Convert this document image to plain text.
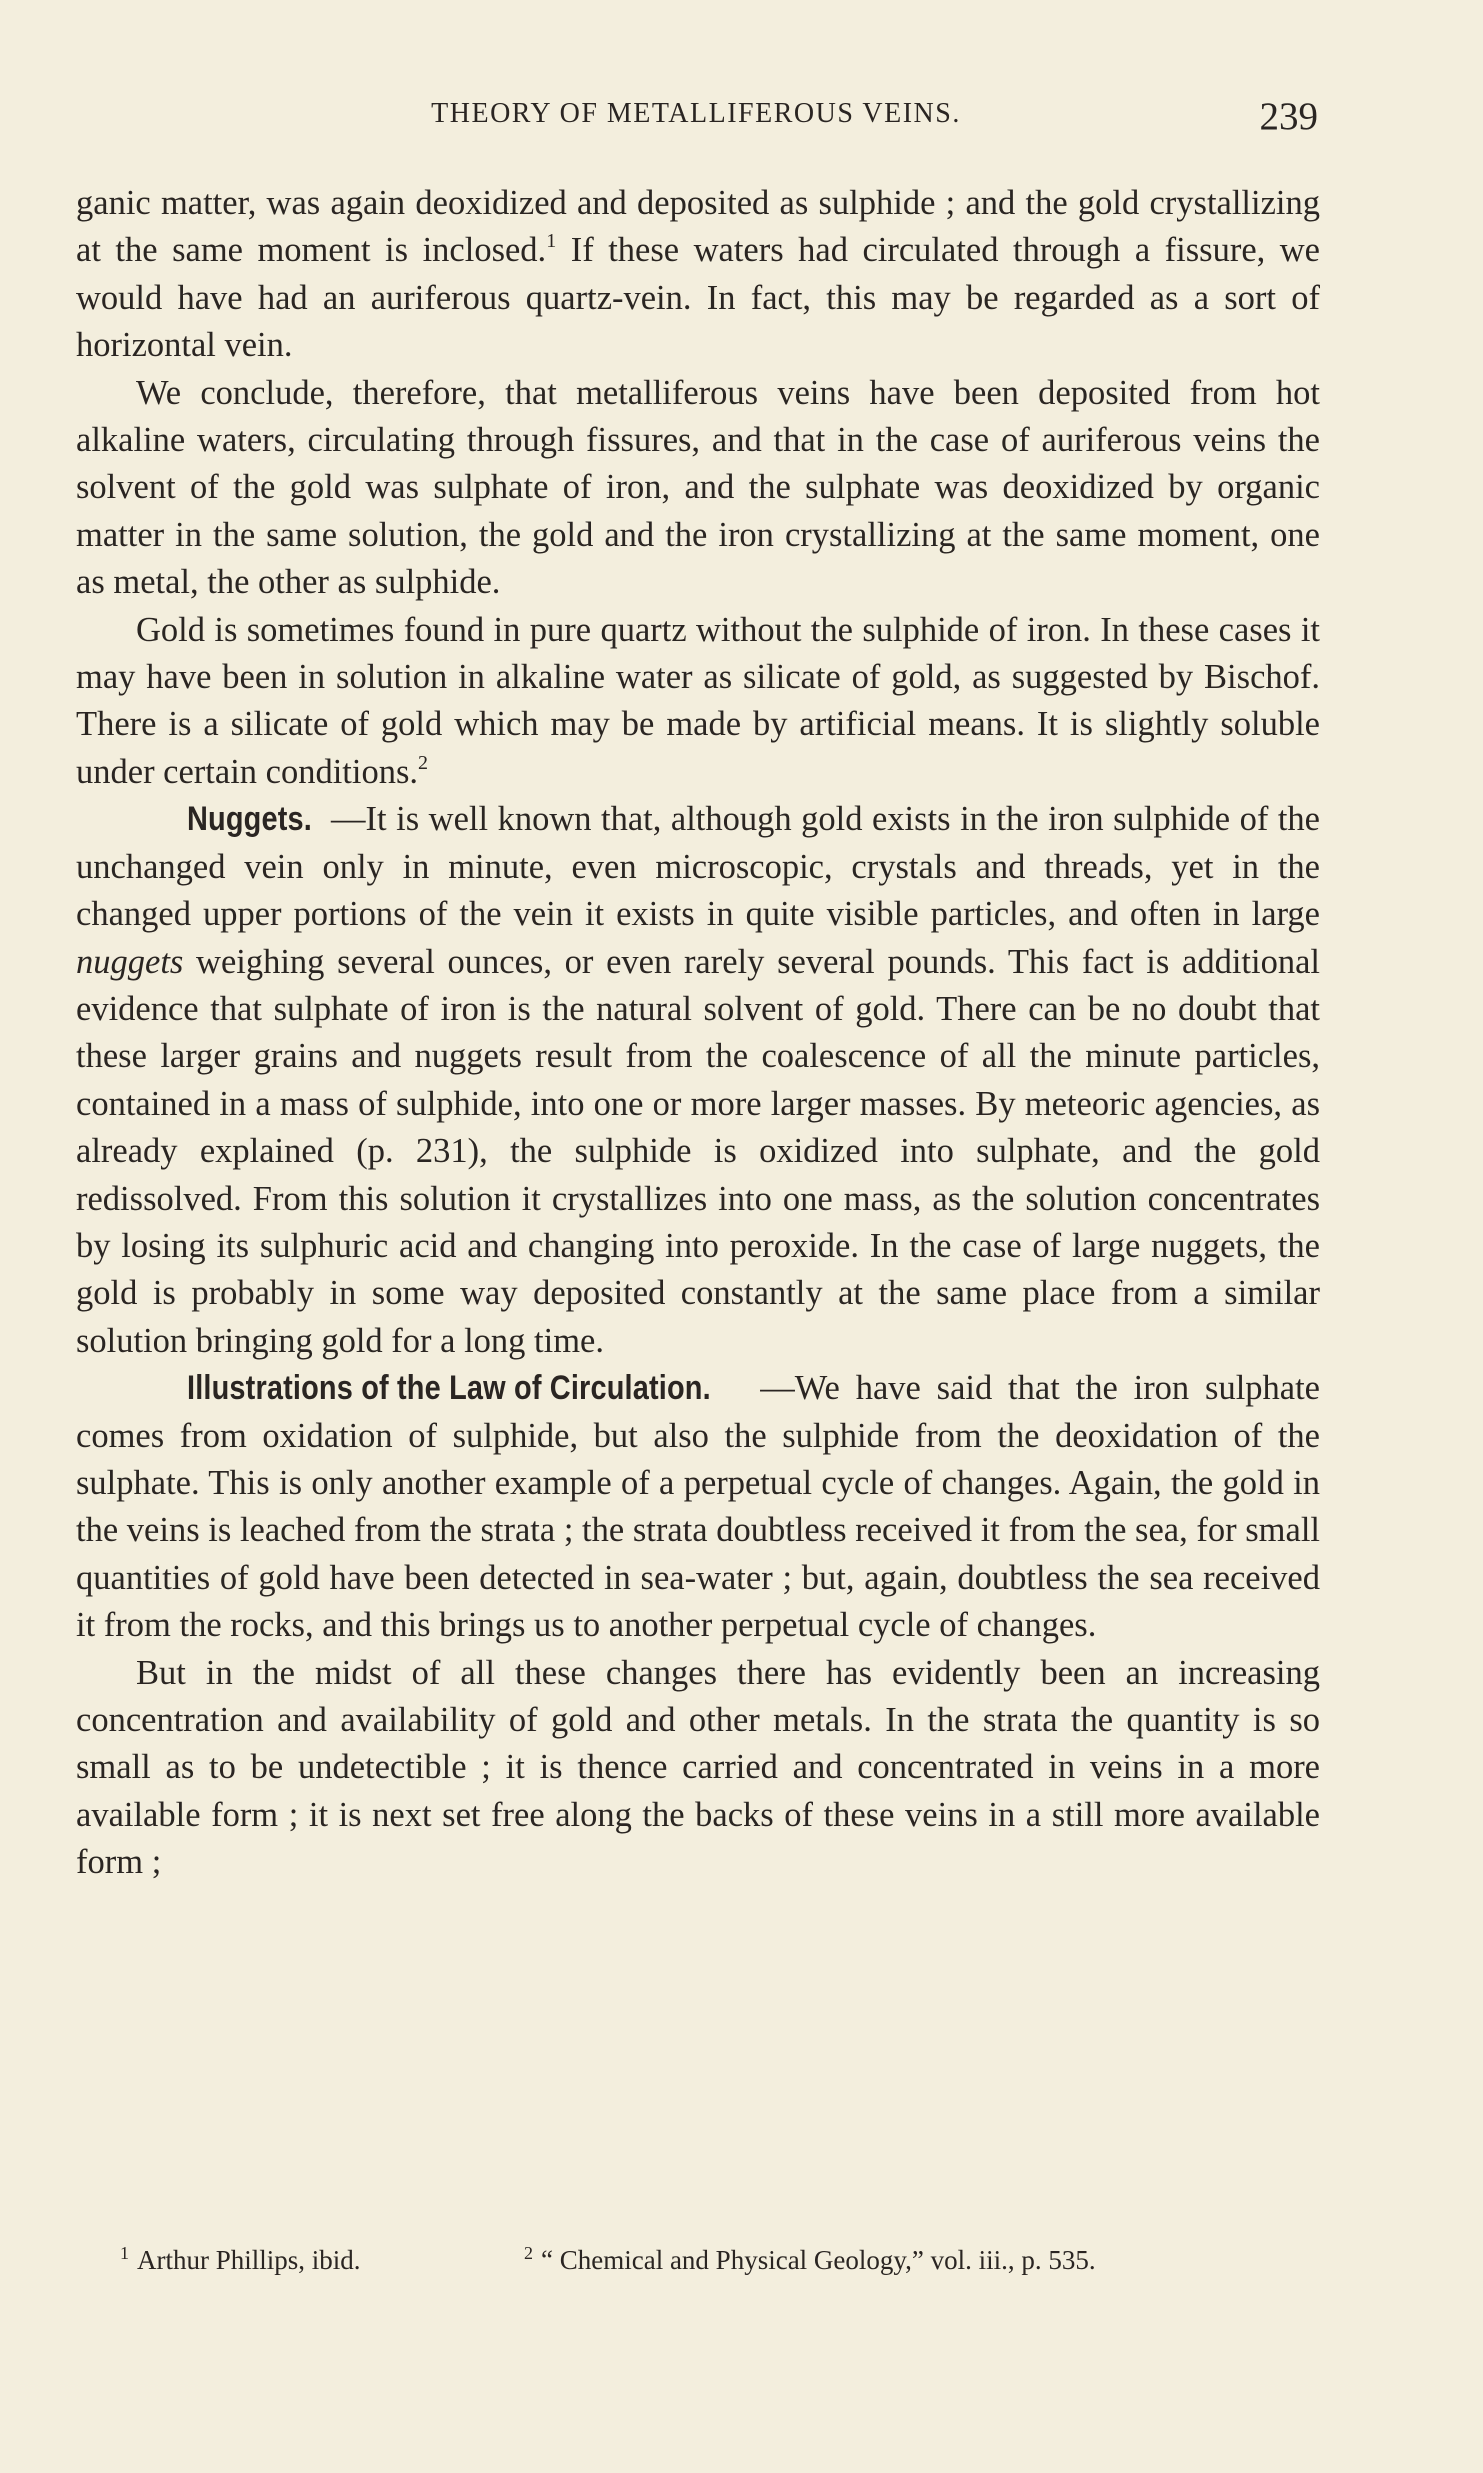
THEORY OF METALLIFEROUS VEINS.	239

ganic matter, was again deoxidized and deposited as sulphide ; and the gold crystallizing at the same moment is inclosed.$^1$ If these waters had circulated through a fissure, we would have had an auriferous quartz-vein. In fact, this may be regarded as a sort of horizontal vein.

We conclude, therefore, that metalliferous veins have been deposited from hot alkaline waters, circulating through fissures, and that in the case of auriferous veins the solvent of the gold was sulphate of iron, and the sulphate was deoxidized by organic matter in the same solution, the gold and the iron crystallizing at the same moment, one as metal, the other as sulphide.

Gold is sometimes found in pure quartz without the sulphide of iron. In these cases it may have been in solution in alkaline water as silicate of gold, as suggested by Bischof. There is a silicate of gold which may be made by artificial means. It is slightly soluble under certain conditions.$^2$

Nuggets. —It is well known that, although gold exists in the iron sulphide of the unchanged vein only in minute, even microscopic, crystals and threads, yet in the changed upper portions of the vein it exists in quite visible particles, and often in large nuggets weighing several ounces, or even rarely several pounds. This fact is additional evidence that sulphate of iron is the natural solvent of gold. There can be no doubt that these larger grains and nuggets result from the coalescence of all the minute particles, contained in a mass of sulphide, into one or more larger masses. By meteoric agencies, as already explained (p. 231), the sulphide is oxidized into sulphate, and the gold redissolved. From this solution it crystallizes into one mass, as the solution concentrates by losing its sulphuric acid and changing into peroxide. In the case of large nuggets, the gold is probably in some way deposited constantly at the same place from a similar solution bringing gold for a long time.

Illustrations of the Law of Circulation. —We have said that the iron sulphate comes from oxidation of sulphide, but also the sulphide from the deoxidation of the sulphate. This is only another example of a perpetual cycle of changes. Again, the gold in the veins is leached from the strata ; the strata doubtless received it from the sea, for small quantities of gold have been detected in sea-water ; but, again, doubtless the sea received it from the rocks, and this brings us to another perpetual cycle of changes.

But in the midst of all these changes there has evidently been an increasing concentration and availability of gold and other metals. In the strata the quantity is so small as to be undetectible ; it is thence carried and concentrated in veins in a more available form ; it is next set free along the backs of these veins in a still more available form ;

$^1$ Arthur Phillips, ibid.	$^2$ “ Chemical and Physical Geology,” vol. iii., p. 535.
